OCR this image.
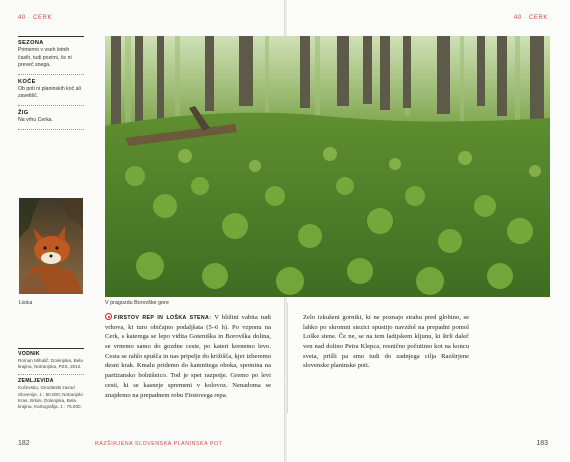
40 · CERK	40 · CERK
SEZONA
Primerno v vseh letnih časih, tudi pozimi, če ni preveč snega.
KOČE
Ob poti ni planinskih koč ali zavetišč.
ŽIG
Na vrhu Cerka.
Lisica
VODNIK
Roman Mihalič: Dolenjska, Bela krajina, Notranjska, PZS, 2012.
ZEMLJEVIDA
Kočevsko, Geodetski zavod Slovenije, 1 : 50.000; Notranjski Kras, Brkini, Dolenjska, Bela krajina, Kartografija, 1 : 75.000.
V pragozdu Borovške gore
FIRSTOV REP IN LOŠKA STENA: V bližini vabita tudi vrhova, ki turo običajno podaljšata (5–6 h). Po vzponu na Cerk, s katerega se lepo vidita Goteniška in Borovška dolina, se vrnemo samo do gozdne ceste, po kateri krenemo levo. Cesta se rahlo spušča in nas pripelje do križišča, kjer izberemo desni krak. Kmalu pridemo do kamnitega oboka, spomina na partizansko bolnišnico. Tod je spet razpotje. Gremo po levi cesti, ki se kasneje spremeni v kolovoz. Nenadoma se znajdemo na prepadnem robu Firstovega repa.
Zelo izkušeni gorniki, ki ne poznajo strahu pred globino, se lahko po skromni stezici spustijo navzdol na prepadni pomol Loške stene. Če ne, se na tem ladijskem kljunu, ki štrli daleč ven nad dolino Petra Klepca, resnično počutimo kot na koncu sveta, prišli pa smo tudi do zadnjega cilja Razširjene slovenske planinske poti.
182	RAZŠIRJENA SLOVENSKA PLANINSKA POT	183
